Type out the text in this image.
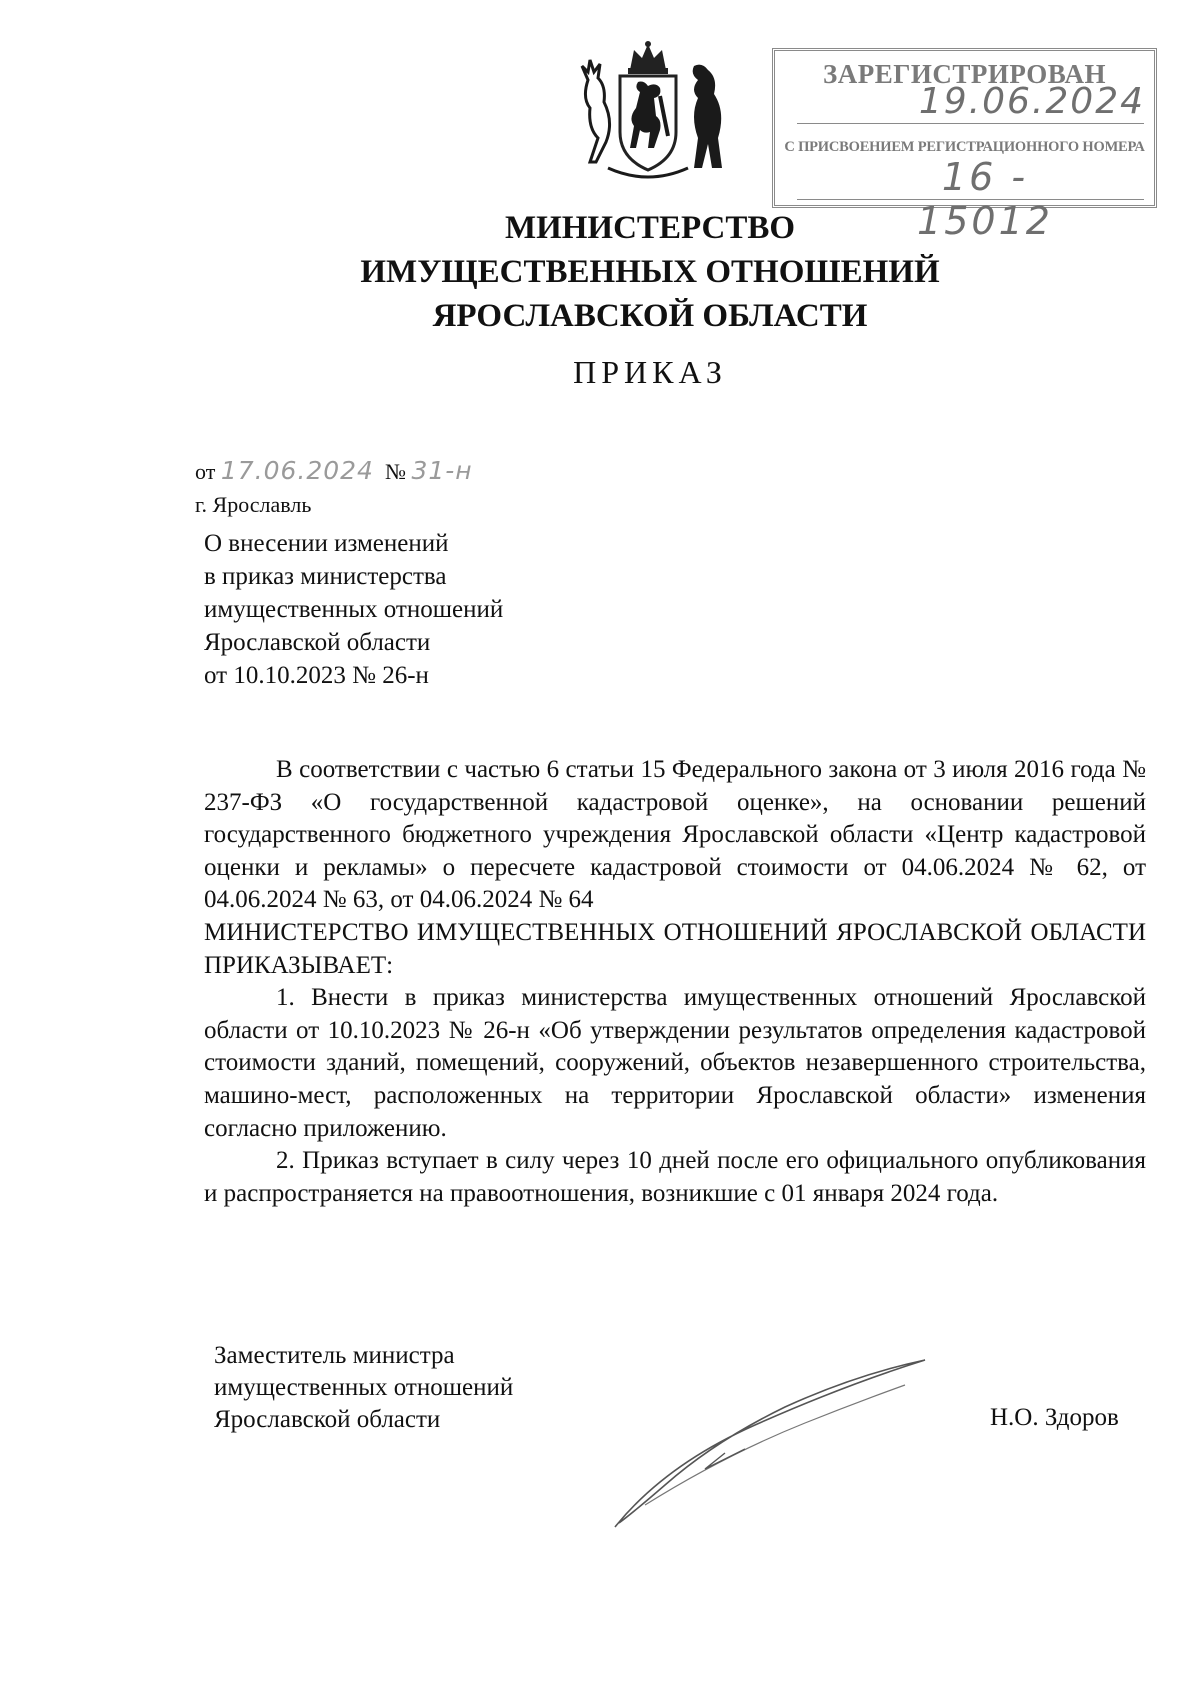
ЗАРЕГИСТРИРОВАН
19.06.2024
С ПРИСВОЕНИЕМ РЕГИСТРАЦИОННОГО НОМЕРА
16 - 15012
МИНИСТЕРСТВО
ИМУЩЕСТВЕННЫХ ОТНОШЕНИЙ
ЯРОСЛАВСКОЙ ОБЛАСТИ
ПРИКАЗ
от 17.06.2024 № 31-н
г. Ярославль
О внесении изменений
в приказ министерства
имущественных отношений
Ярославской области
от 10.10.2023 № 26-н

В соответствии с частью 6 статьи 15 Федерального закона от 3 июля 2016 года № 237-ФЗ «О государственной кадастровой оценке», на основании решений государственного бюджетного учреждения Ярославской области «Центр кадастровой оценки и рекламы» о пересчете кадастровой стоимости от 04.06.2024 № 62, от 04.06.2024 № 63, от 04.06.2024 № 64

МИНИСТЕРСТВО ИМУЩЕСТВЕННЫХ ОТНОШЕНИЙ ЯРОСЛАВСКОЙ ОБЛАСТИ ПРИКАЗЫВАЕТ:

1. Внести в приказ министерства имущественных отношений Ярославской области от 10.10.2023 № 26-н «Об утверждении результатов определения кадастровой стоимости зданий, помещений, сооружений, объектов незавершенного строительства, машино-мест, расположенных на территории Ярославской области» изменения согласно приложению.

2. Приказ вступает в силу через 10 дней после его официального опубликования и распространяется на правоотношения, возникшие с 01 января 2024 года.

Заместитель министра
имущественных отношений
Ярославской области	Н.О. Здоров
